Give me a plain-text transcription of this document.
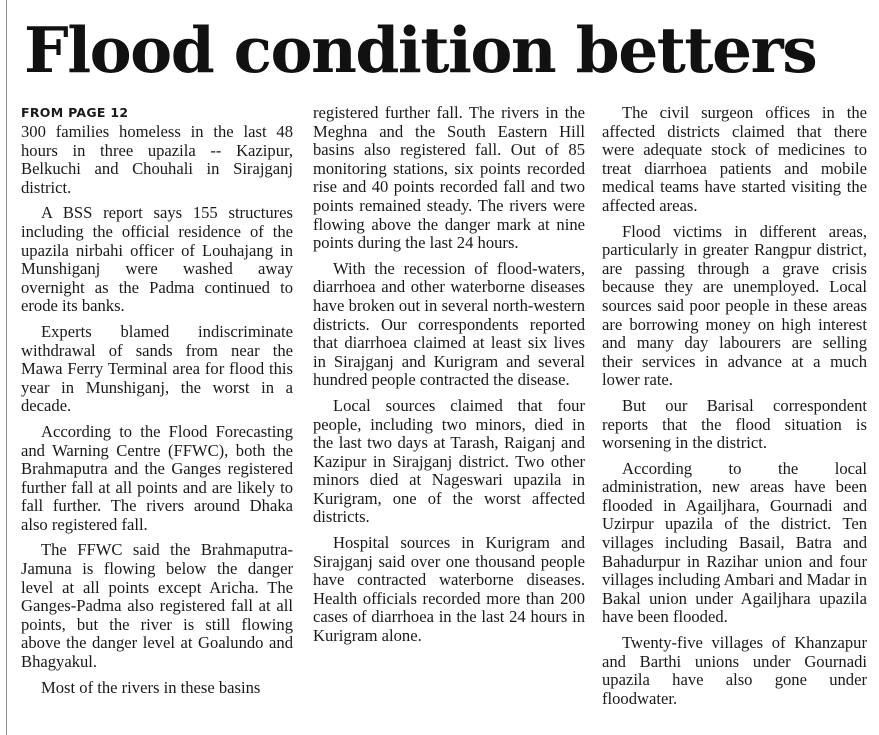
Flood condition betters
FROM PAGE 12

300 families homeless in the last 48 hours in three upazila -- Kazipur, Belkuchi and Chouhali in Sirajganj district.

A BSS report says 155 structures including the official residence of the upazila nirbahi officer of Louhajang in Munshiganj were washed away overnight as the Padma continued to erode its banks.

Experts blamed indiscriminate withdrawal of sands from near the Mawa Ferry Terminal area for flood this year in Munshiganj, the worst in a decade.

According to the Flood Forecasting and Warning Centre (FFWC), both the Brahmaputra and the Ganges registered further fall at all points and are likely to fall further. The rivers around Dhaka also registered fall.

The FFWC said the Brahmaputra-Jamuna is flowing below the danger level at all points except Aricha. The Ganges-Padma also registered fall at all points, but the river is still flowing above the danger level at Goalundo and Bhagyakul.

Most of the rivers in these basins

registered further fall. The rivers in the Meghna and the South Eastern Hill basins also registered fall. Out of 85 monitoring stations, six points recorded rise and 40 points recorded fall and two points remained steady. The rivers were flowing above the danger mark at nine points during the last 24 hours.

With the recession of flood-waters, diarrhoea and other waterborne diseases have broken out in several north-western districts. Our correspondents reported that diarrhoea claimed at least six lives in Sirajganj and Kurigram and several hundred people contracted the disease.

Local sources claimed that four people, including two minors, died in the last two days at Tarash, Raiganj and Kazipur in Sirajganj district. Two other minors died at Nageswari upazila in Kurigram, one of the worst affected districts.

Hospital sources in Kurigram and Sirajganj said over one thousand people have contracted waterborne diseases. Health officials recorded more than 200 cases of diarrhoea in the last 24 hours in Kurigram alone.

The civil surgeon offices in the affected districts claimed that there were adequate stock of medicines to treat diarrhoea patients and mobile medical teams have started visiting the affected areas.

Flood victims in different areas, particularly in greater Rangpur district, are passing through a grave crisis because they are unemployed. Local sources said poor people in these areas are borrowing money on high interest and many day labourers are selling their services in advance at a much lower rate.

But our Barisal correspondent reports that the flood situation is worsening in the district.

According to the local administration, new areas have been flooded in Agailjhara, Gournadi and Uzirpur upazila of the district. Ten villages including Basail, Batra and Bahadurpur in Razihar union and four villages including Ambari and Madar in Bakal union under Agailjhara upazila have been flooded.

Twenty-five villages of Khanzapur and Barthi unions under Gournadi upazila have also gone under floodwater.
